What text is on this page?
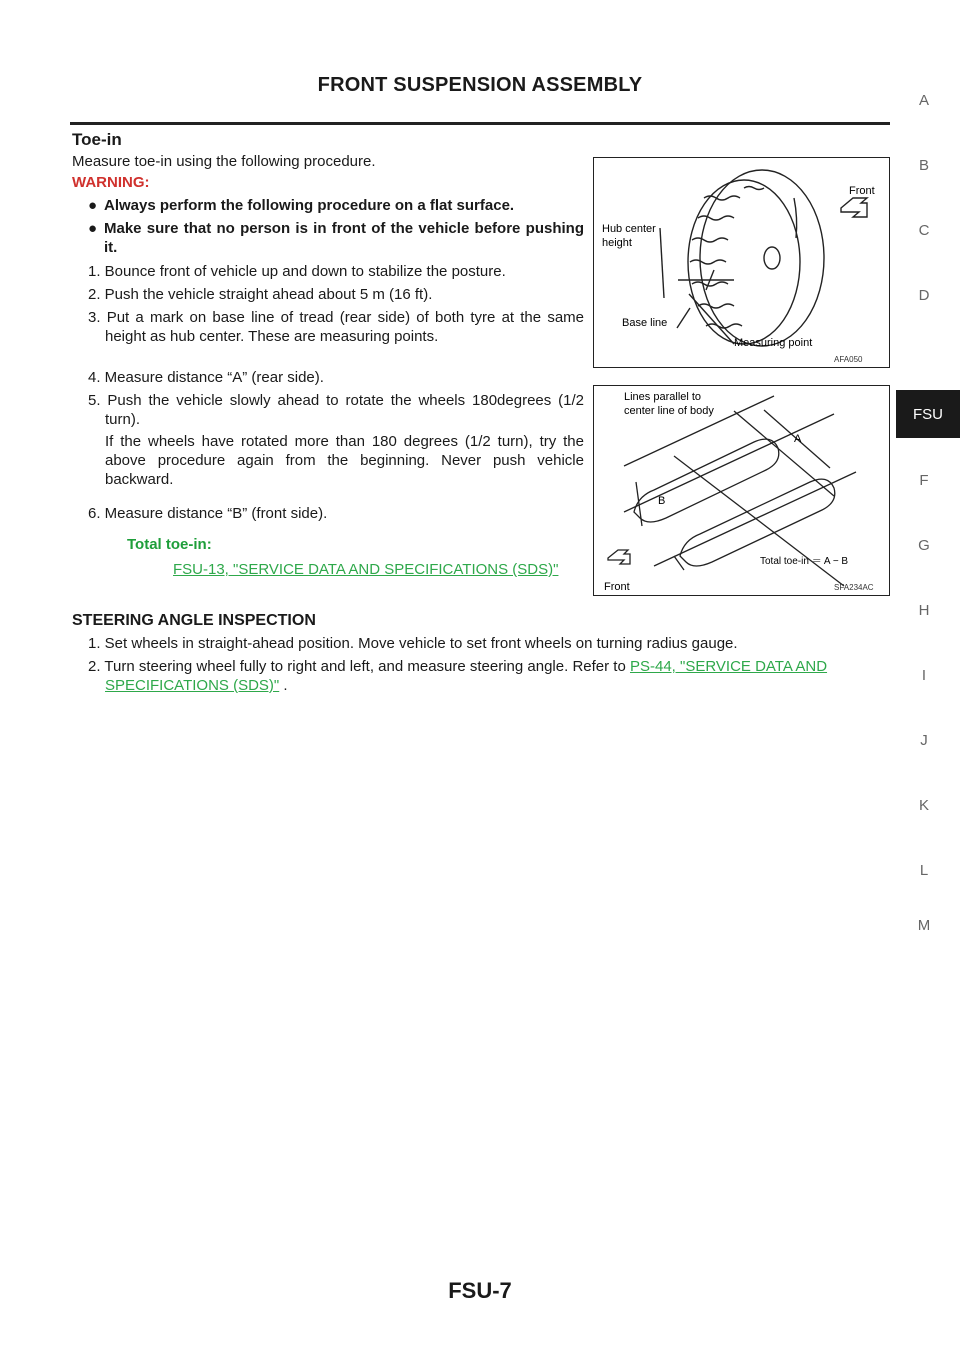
FRONT SUSPENSION ASSEMBLY
Toe-in
Measure toe-in using the following procedure.
WARNING:
● Always perform the following procedure on a flat surface.
● Make sure that no person is in front of the vehicle before pushing it.
1. Bounce front of vehicle up and down to stabilize the posture.
2. Push the vehicle straight ahead about 5 m (16 ft).
3. Put a mark on base line of tread (rear side) of both tyre at the same height as hub center. These are measuring points.
4. Measure distance “A” (rear side).
5. Push the vehicle slowly ahead to rotate the wheels 180degrees (1/2 turn).
If the wheels have rotated more than 180 degrees (1/2 turn), try the above procedure again from the beginning. Never push vehicle backward.
6. Measure distance “B” (front side).
Total toe-in:
FSU-13, "SERVICE DATA AND SPECIFICATIONS (SDS)"
Front
Hub center
height
Base line
Measuring point
AFA050
Lines parallel to
center line of body
A
B
Total toe-in ＝ A − B
Front	SFA234AC
STEERING ANGLE INSPECTION
1. Set wheels in straight-ahead position. Move vehicle to set front wheels on turning radius gauge.
2. Turn steering wheel fully to right and left, and measure steering angle. Refer to PS-44, "SERVICE DATA AND SPECIFICATIONS (SDS)" .
A
B
C
D
FSU
F
G
H
I
J
K
L
M
FSU-7
